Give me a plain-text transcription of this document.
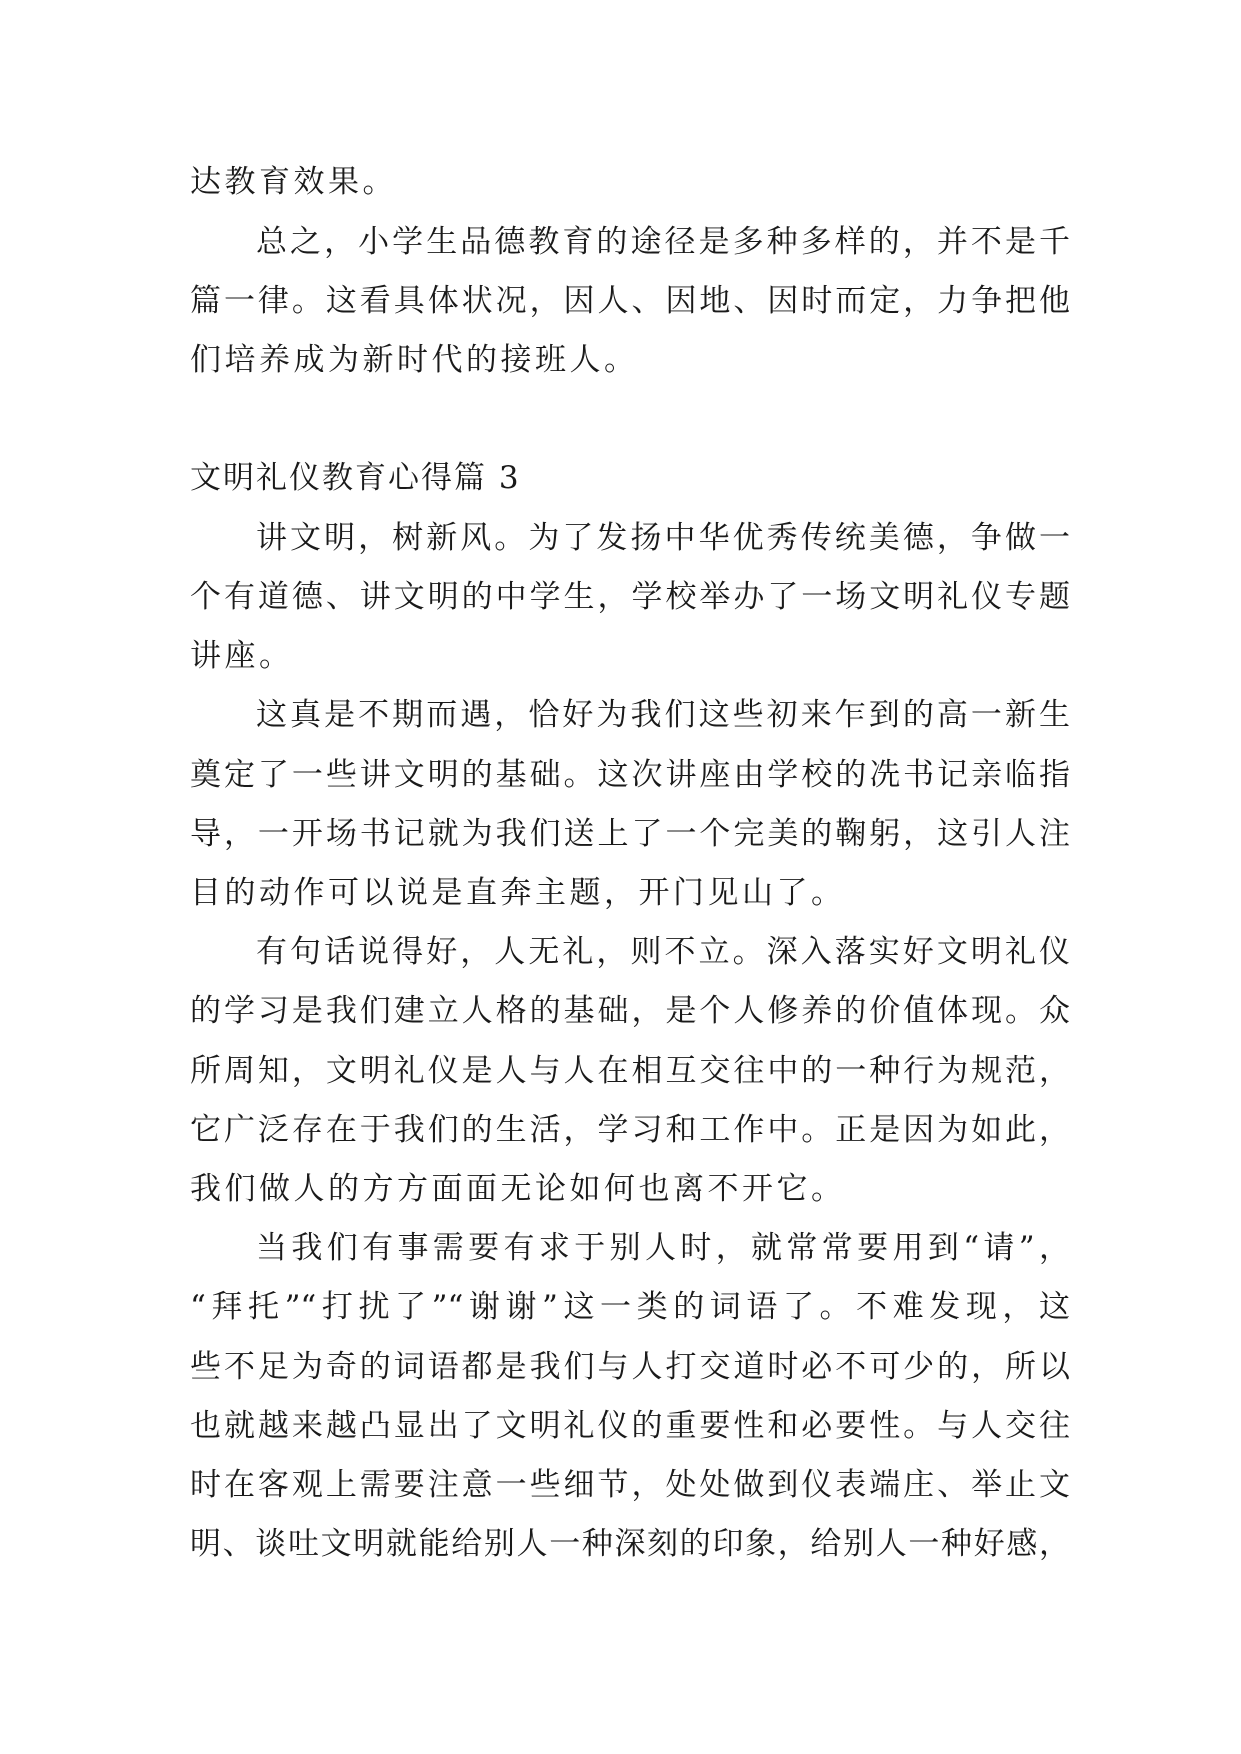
达教育效果。

总之，小学生品德教育的途径是多种多样的，并不是千

篇一律。这看具体状况，因人、因地、因时而定，力争把他

们培养成为新时代的接班人。

文明礼仪教育心得篇 3

讲文明，树新风。为了发扬中华优秀传统美德，争做一

个有道德、讲文明的中学生，学校举办了一场文明礼仪专题

讲座。

这真是不期而遇，恰好为我们这些初来乍到的高一新生

奠定了一些讲文明的基础。这次讲座由学校的冼书记亲临指

导，一开场书记就为我们送上了一个完美的鞠躬，这引人注

目的动作可以说是直奔主题，开门见山了。

有句话说得好，人无礼，则不立。深入落实好文明礼仪

的学习是我们建立人格的基础，是个人修养的价值体现。众

所周知，文明礼仪是人与人在相互交往中的一种行为规范，

它广泛存在于我们的生活，学习和工作中。正是因为如此，

我们做人的方方面面无论如何也离不开它。

当我们有事需要有求于别人时，就常常要用到“请”，

“拜托”“打扰了”“谢谢”这一类的词语了。不难发现，这

些不足为奇的词语都是我们与人打交道时必不可少的，所以

也就越来越凸显出了文明礼仪的重要性和必要性。与人交往

时在客观上需要注意一些细节，处处做到仪表端庄、举止文

明、谈吐文明就能给别人一种深刻的印象，给别人一种好感，
